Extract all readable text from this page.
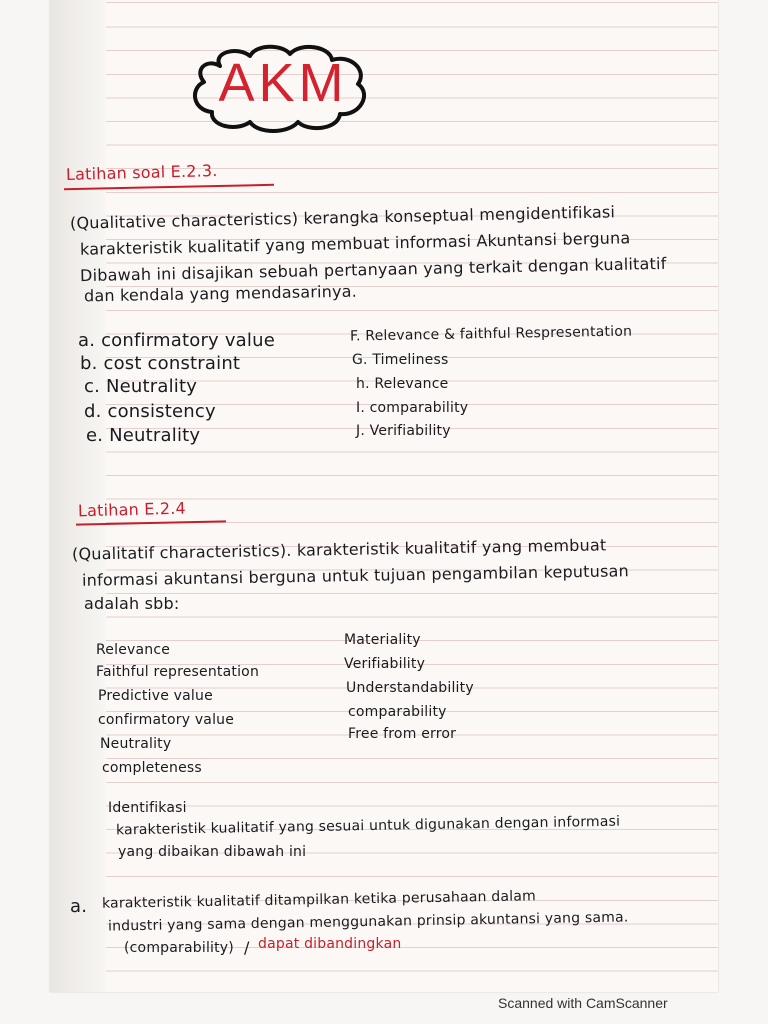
AKM
Latihan soal E.2.3.
(Qualitative characteristics) kerangka konseptual mengidentifikasi
karakteristik kualitatif yang membuat informasi Akuntansi berguna
Dibawah ini disajikan sebuah pertanyaan yang terkait dengan kualitatif
dan kendala yang mendasarinya.
a. confirmatory value
b. cost constraint
c. Neutrality
d. consistency
e. Neutrality
F. Relevance & faithful Respresentation
G. Timeliness
h. Relevance
I. comparability
J. Verifiability
Latihan E.2.4
(Qualitatif characteristics). karakteristik kualitatif yang membuat
informasi akuntansi berguna untuk tujuan pengambilan keputusan
adalah sbb:
Relevance
Faithful representation
Predictive value
confirmatory value
Neutrality
completeness
Materiality
Verifiability
Understandability
comparability
Free from error
Identifikasi
karakteristik kualitatif yang sesuai untuk digunakan dengan informasi
yang dibaikan dibawah ini
a. karakteristik kualitatif ditampilkan ketika perusahaan dalam
industri yang sama dengan menggunakan prinsip akuntansi yang sama.
(comparability) / dapat dibandingkan
Scanned with CamScanner
